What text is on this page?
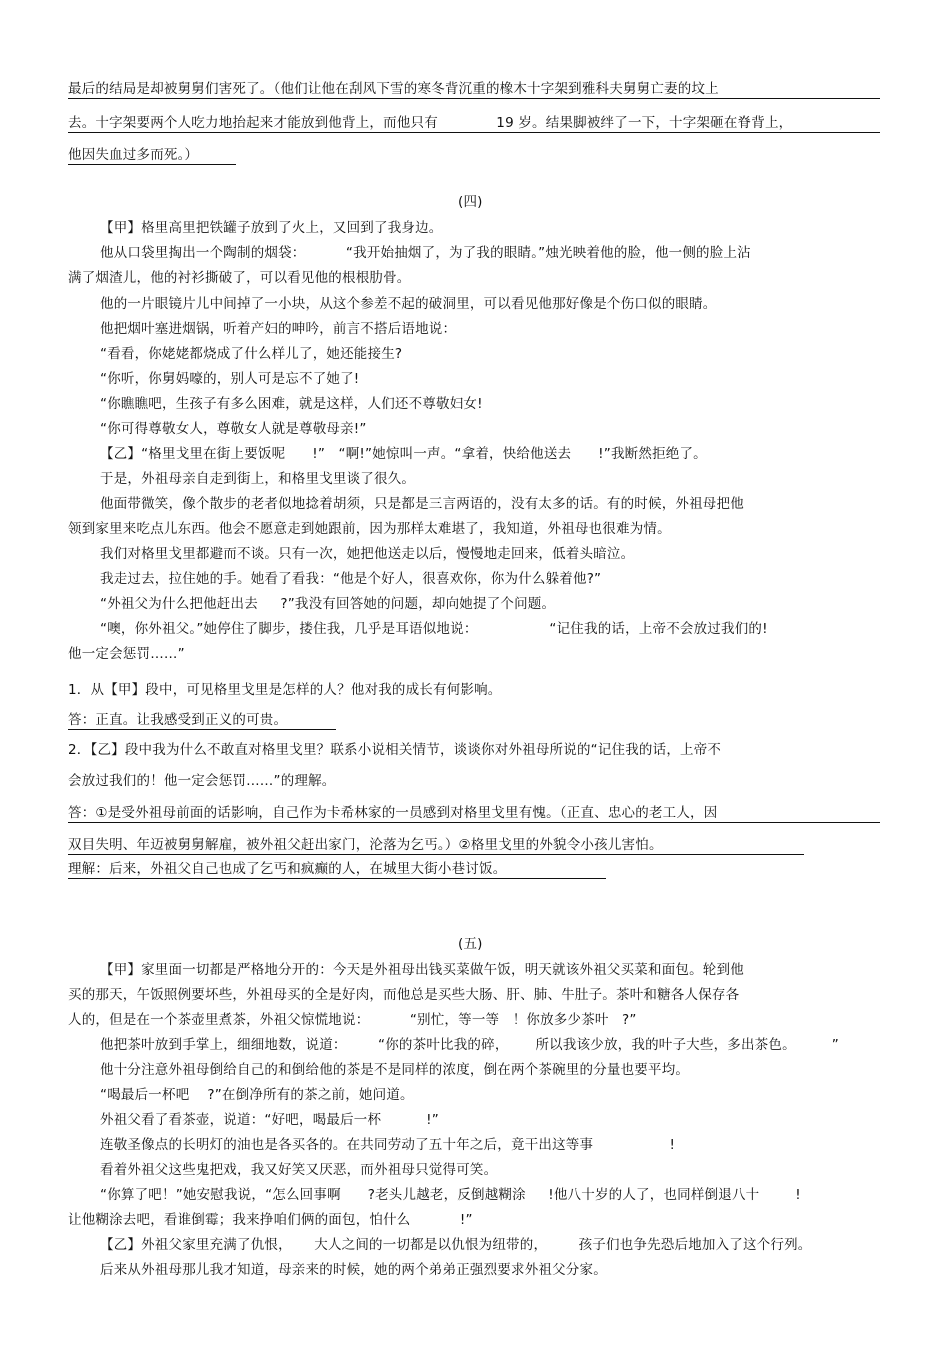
最后的结局是却被舅舅们害死了。（他们让他在刮风下雪的寒冬背沉重的橡木十字架到雅科夫舅舅亡妻的坟上
去。十字架要两个人吃力地抬起来才能放到他背上，而他只有             19 岁。结果脚被绊了一下，十字架砸在脊背上，
他因失血过多而死。）
(四)
【甲】格里高里把铁罐子放到了火上，又回到了我身边。
他从口袋里掏出一个陶制的烟袋：         “我开始抽烟了，为了我的眼睛。”烛光映着他的脸，他一侧的脸上沾
满了烟渣儿，他的衬衫撕破了，可以看见他的根根肋骨。
他的一片眼镜片儿中间掉了一小块，从这个参差不起的破洞里，可以看见他那好像是个伤口似的眼睛。
他把烟叶塞进烟锅，听着产妇的呻吟，前言不搭后语地说：
“看看，你姥姥都烧成了什么样儿了，她还能接生?
“你听，你舅妈嚎的，别人可是忘不了她了!
“你瞧瞧吧，生孩子有多么困难，就是这样，人们还不尊敬妇女!
“你可得尊敬女人，尊敬女人就是尊敬母亲!”
【乙】“格里戈里在街上要饭呢      !”   “啊!”她惊叫一声。“拿着，快给他送去      !”我断然拒绝了。
于是，外祖母亲自走到街上，和格里戈里谈了很久。
他面带微笑，像个散步的老者似地捻着胡须，只是都是三言两语的，没有太多的话。有的时候，外祖母把他
领到家里来吃点儿东西。他会不愿意走到她跟前，因为那样太难堪了，我知道，外祖母也很难为情。
我们对格里戈里都避而不谈。只有一次，她把他送走以后，慢慢地走回来，低着头暗泣。
我走过去，拉住她的手。她看了看我：“他是个好人，很喜欢你，你为什么躲着他?”
“外祖父为什么把他赶出去     ?”我没有回答她的问题，却向她提了个问题。
“噢，你外祖父。”她停住了脚步，搂住我，几乎是耳语似地说：                “记住我的话，上帝不会放过我们的!
他一定会惩罚……”
1．从【甲】段中，可见格里戈里是怎样的人？他对我的成长有何影响。
答：正直。让我感受到正义的可贵。
2．【乙】段中我为什么不敢直对格里戈里？联系小说相关情节，谈谈你对外祖母所说的“记住我的话，上帝不
会放过我们的！他一定会惩罚……”的理解。
答：①是受外祖母前面的话影响，自己作为卡希林家的一员感到对格里戈里有愧。（正直、忠心的老工人，因
双目失明、年迈被舅舅解雇，被外祖父赶出家门，沦落为乞丐。）②格里戈里的外貌令小孩儿害怕。
理解：后来，外祖父自己也成了乞丐和疯癫的人，在城里大街小巷讨饭。
(五)
【甲】家里面一切都是严格地分开的：今天是外祖母出钱买菜做午饭，明天就该外祖父买菜和面包。轮到他
买的那天，午饭照例要坏些，外祖母买的全是好肉，而他总是买些大肠、肝、肺、牛肚子。茶叶和糖各人保存各
人的，但是在一个茶壶里煮茶，外祖父惊慌地说：         “别忙，等一等   ！你放多少茶叶   ?”
他把茶叶放到手掌上，细细地数，说道：       “你的茶叶比我的碎，      所以我该少放，我的叶子大些，多出茶色。        ”
他十分注意外祖母倒给自己的和倒给他的茶是不是同样的浓度，倒在两个茶碗里的分量也要平均。
“喝最后一杯吧    ?”在倒净所有的茶之前，她问道。
外祖父看了看茶壶，说道：“好吧，喝最后一杯          !”
连敬圣像点的长明灯的油也是各买各的。在共同劳动了五十年之后，竟干出这等事                 !
看着外祖父这些鬼把戏，我又好笑又厌恶，而外祖母只觉得可笑。
“你算了吧！”她安慰我说，“怎么回事啊      ?老头儿越老，反倒越糊涂     !他八十岁的人了，也同样倒退八十        !
让他糊涂去吧，看谁倒霉；我来挣咱们俩的面包，怕什么           !”
【乙】外祖父家里充满了仇恨，     大人之间的一切都是以仇恨为纽带的，       孩子们也争先恐后地加入了这个行列。
后来从外祖母那儿我才知道，母亲来的时候，她的两个弟弟正强烈要求外祖父分家。
